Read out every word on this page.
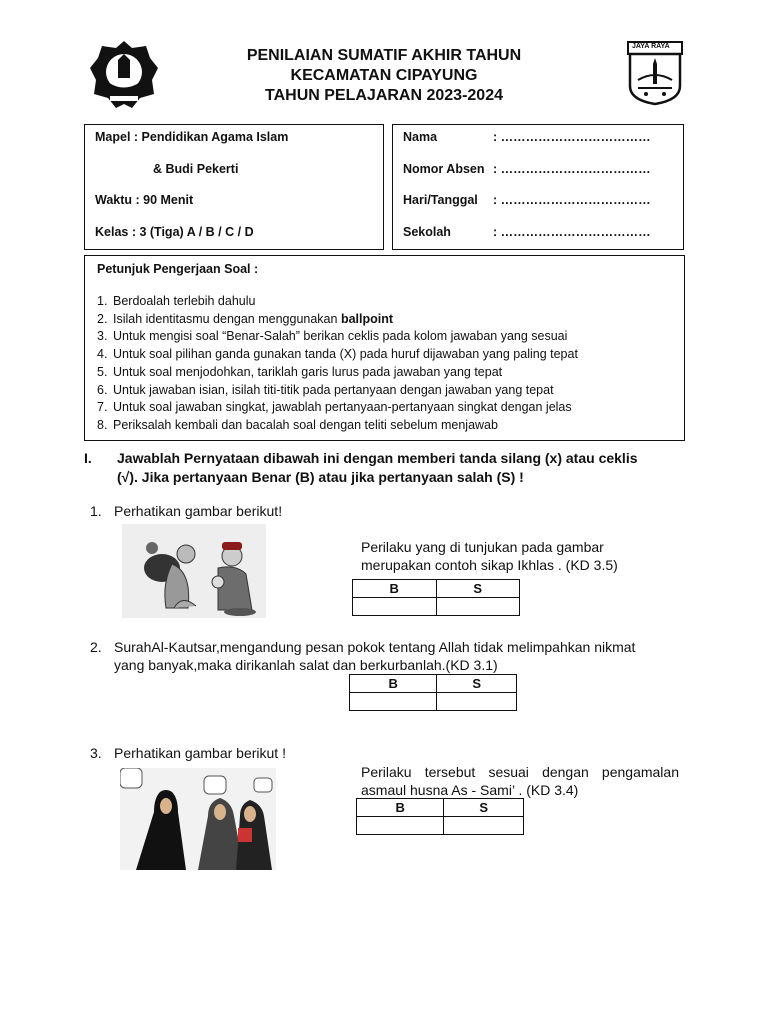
JAYA RAYA
PENILAIAN SUMATIF AKHIR TAHUN
KECAMATAN CIPAYUNG
TAHUN PELAJARAN 2023-2024
Mapel : Pendidikan Agama Islam
& Budi Pekerti
Waktu : 90 Menit
Kelas : 3 (Tiga) A / B / C / D
Nama	: ………………………………
Nomor Absen : ………………………………
Hari/Tanggal : ………………………………
Sekolah	: ………………………………
Petunjuk Pengerjaan Soal :
1. Berdoalah terlebih dahulu
2. Isilah identitasmu dengan menggunakan ballpoint
3. Untuk mengisi soal “Benar-Salah” berikan ceklis pada kolom jawaban yang sesuai
4. Untuk soal pilihan ganda gunakan tanda (X) pada huruf dijawaban yang paling tepat
5. Untuk soal menjodohkan, tariklah garis lurus pada jawaban yang tepat
6. Untuk jawaban isian, isilah titi-titik pada pertanyaan dengan jawaban yang tepat
7. Untuk soal jawaban singkat, jawablah pertanyaan-pertanyaan singkat dengan jelas
8. Periksalah kembali dan bacalah soal dengan teliti sebelum menjawab
I. Jawablah Pernyataan dibawah ini dengan memberi tanda silang (x) atau ceklis
(√). Jika pertanyaan Benar (B) atau jika pertanyaan salah (S) !
1. Perhatikan gambar berikut!
Perilaku yang di tunjukan pada gambar
merupakan contoh sikap Ikhlas . (KD 3.5)
B	S

2. SurahAl-Kautsar,mengandung pesan pokok tentang Allah tidak melimpahkan nikmat
yang banyak,maka dirikanlah salat dan berkurbanlah.(KD 3.1)
B	S

3. Perhatikan gambar berikut !
Perilaku tersebut sesuai dengan pengamalan
asmaul husna As - Sami’ . (KD 3.4)
B	S
